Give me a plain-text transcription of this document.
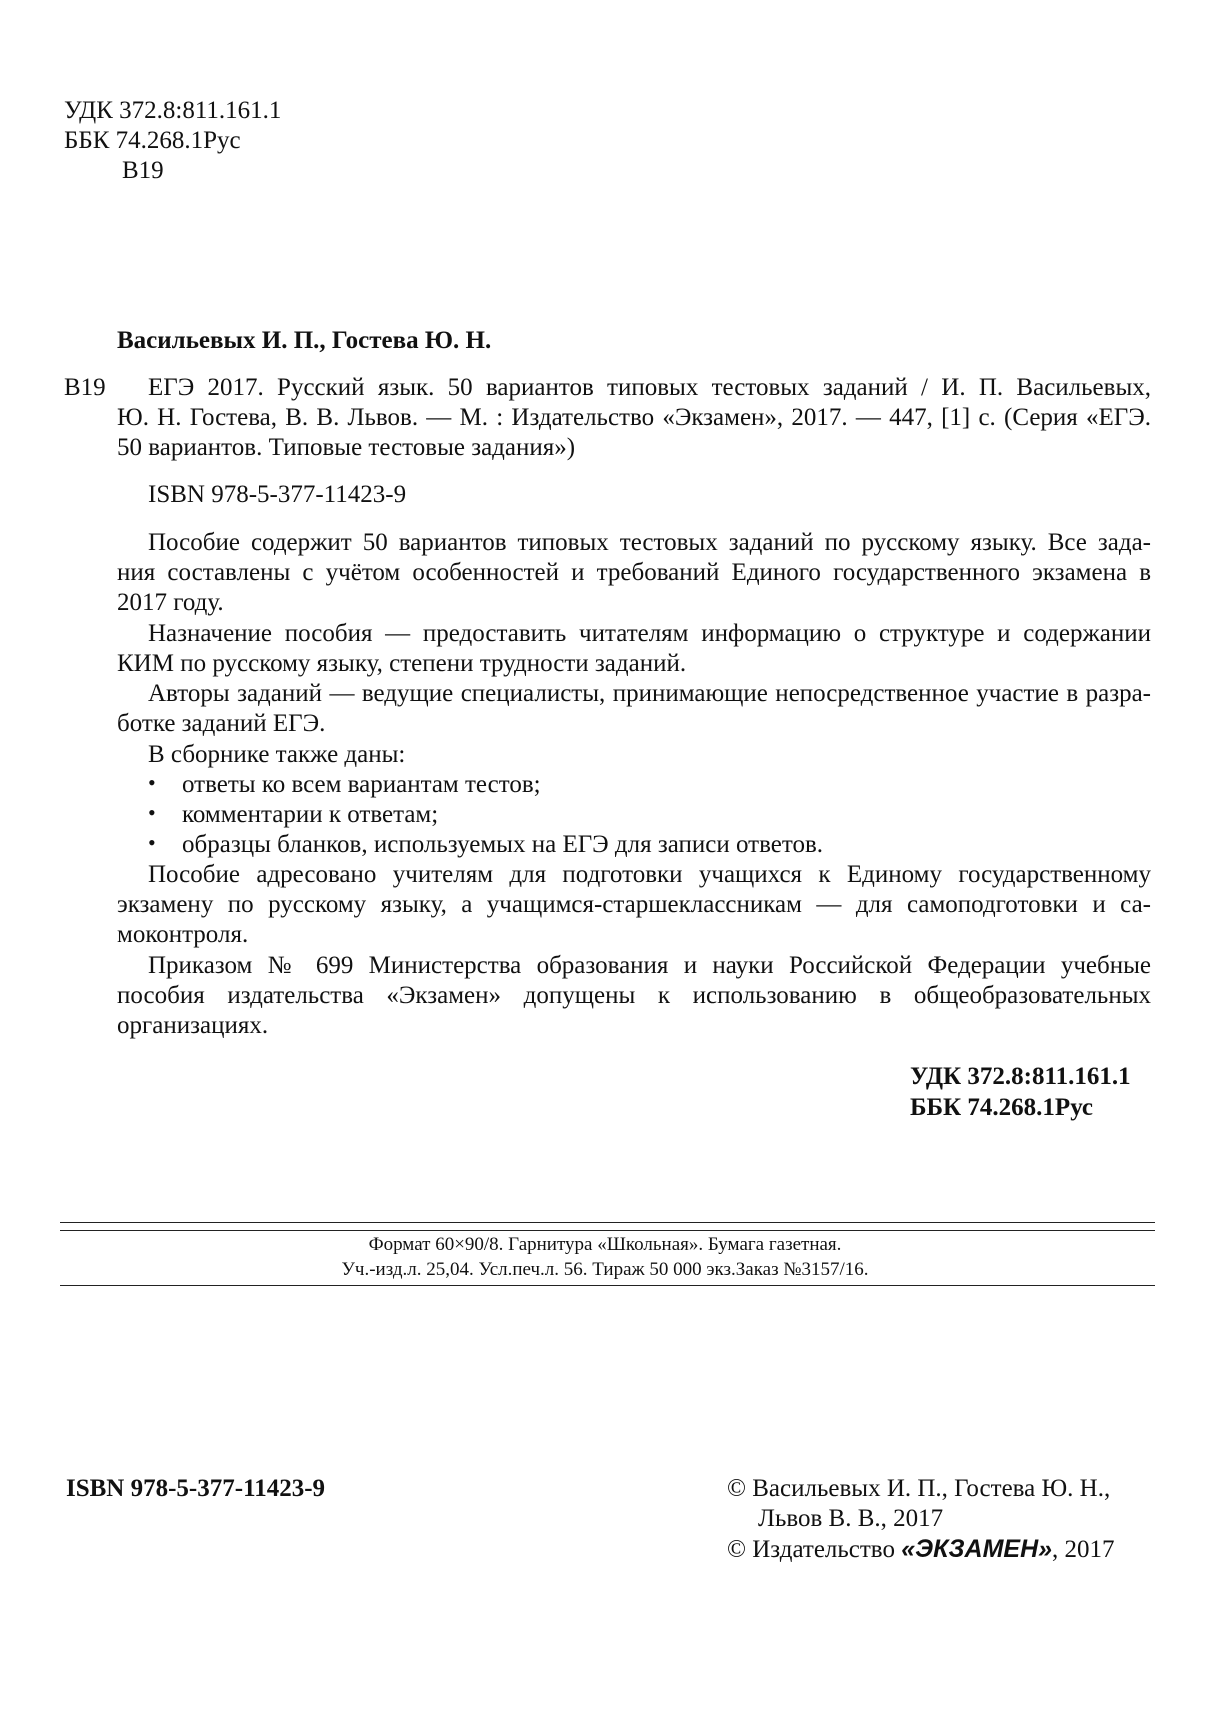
УДК 372.8:811.161.1
ББК 74.268.1Рус
В19
Васильевых И. П., Гостева Ю. Н.
В19 ЕГЭ 2017. Русский язык. 50 вариантов типовых тестовых заданий / И. П. Васильевых,
Ю. Н. Гостева, В. В. Львов. — М. : Издательство «Экзамен», 2017. — 447, [1] с. (Серия «ЕГЭ.
50 вариантов. Типовые тестовые задания»)
ISBN 978-5-377-11423-9
Пособие содержит 50 вариантов типовых тестовых заданий по русскому языку. Все зада-
ния составлены с учётом особенностей и требований Единого государственного экзамена в
2017 году.
Назначение пособия — предоставить читателям информацию о структуре и содержании
КИМ по русскому языку, степени трудности заданий.
Авторы заданий — ведущие специалисты, принимающие непосредственное участие в разра-
ботке заданий ЕГЭ.
В сборнике также даны:
• ответы ко всем вариантам тестов;
• комментарии к ответам;
• образцы бланков, используемых на ЕГЭ для записи ответов.
Пособие адресовано учителям для подготовки учащихся к Единому государственному
экзамену по русскому языку, а учащимся-старшеклассникам — для самоподготовки и са-
моконтроля.
Приказом № 699 Министерства образования и науки Российской Федерации учебные
пособия издательства «Экзамен» допущены к использованию в общеобразовательных
организациях.
УДК 372.8:811.161.1
ББК 74.268.1Рус
Формат 60×90/8. Гарнитура «Школьная». Бумага газетная.
Уч.-изд.л. 25,04. Усл.печ.л. 56. Тираж 50 000 экз.Заказ №3157/16.
ISBN 978-5-377-11423-9	© Васильевых И. П., Гостева Ю. Н.,
Львов В. В., 2017
© Издательство «ЭКЗАМЕН», 2017
